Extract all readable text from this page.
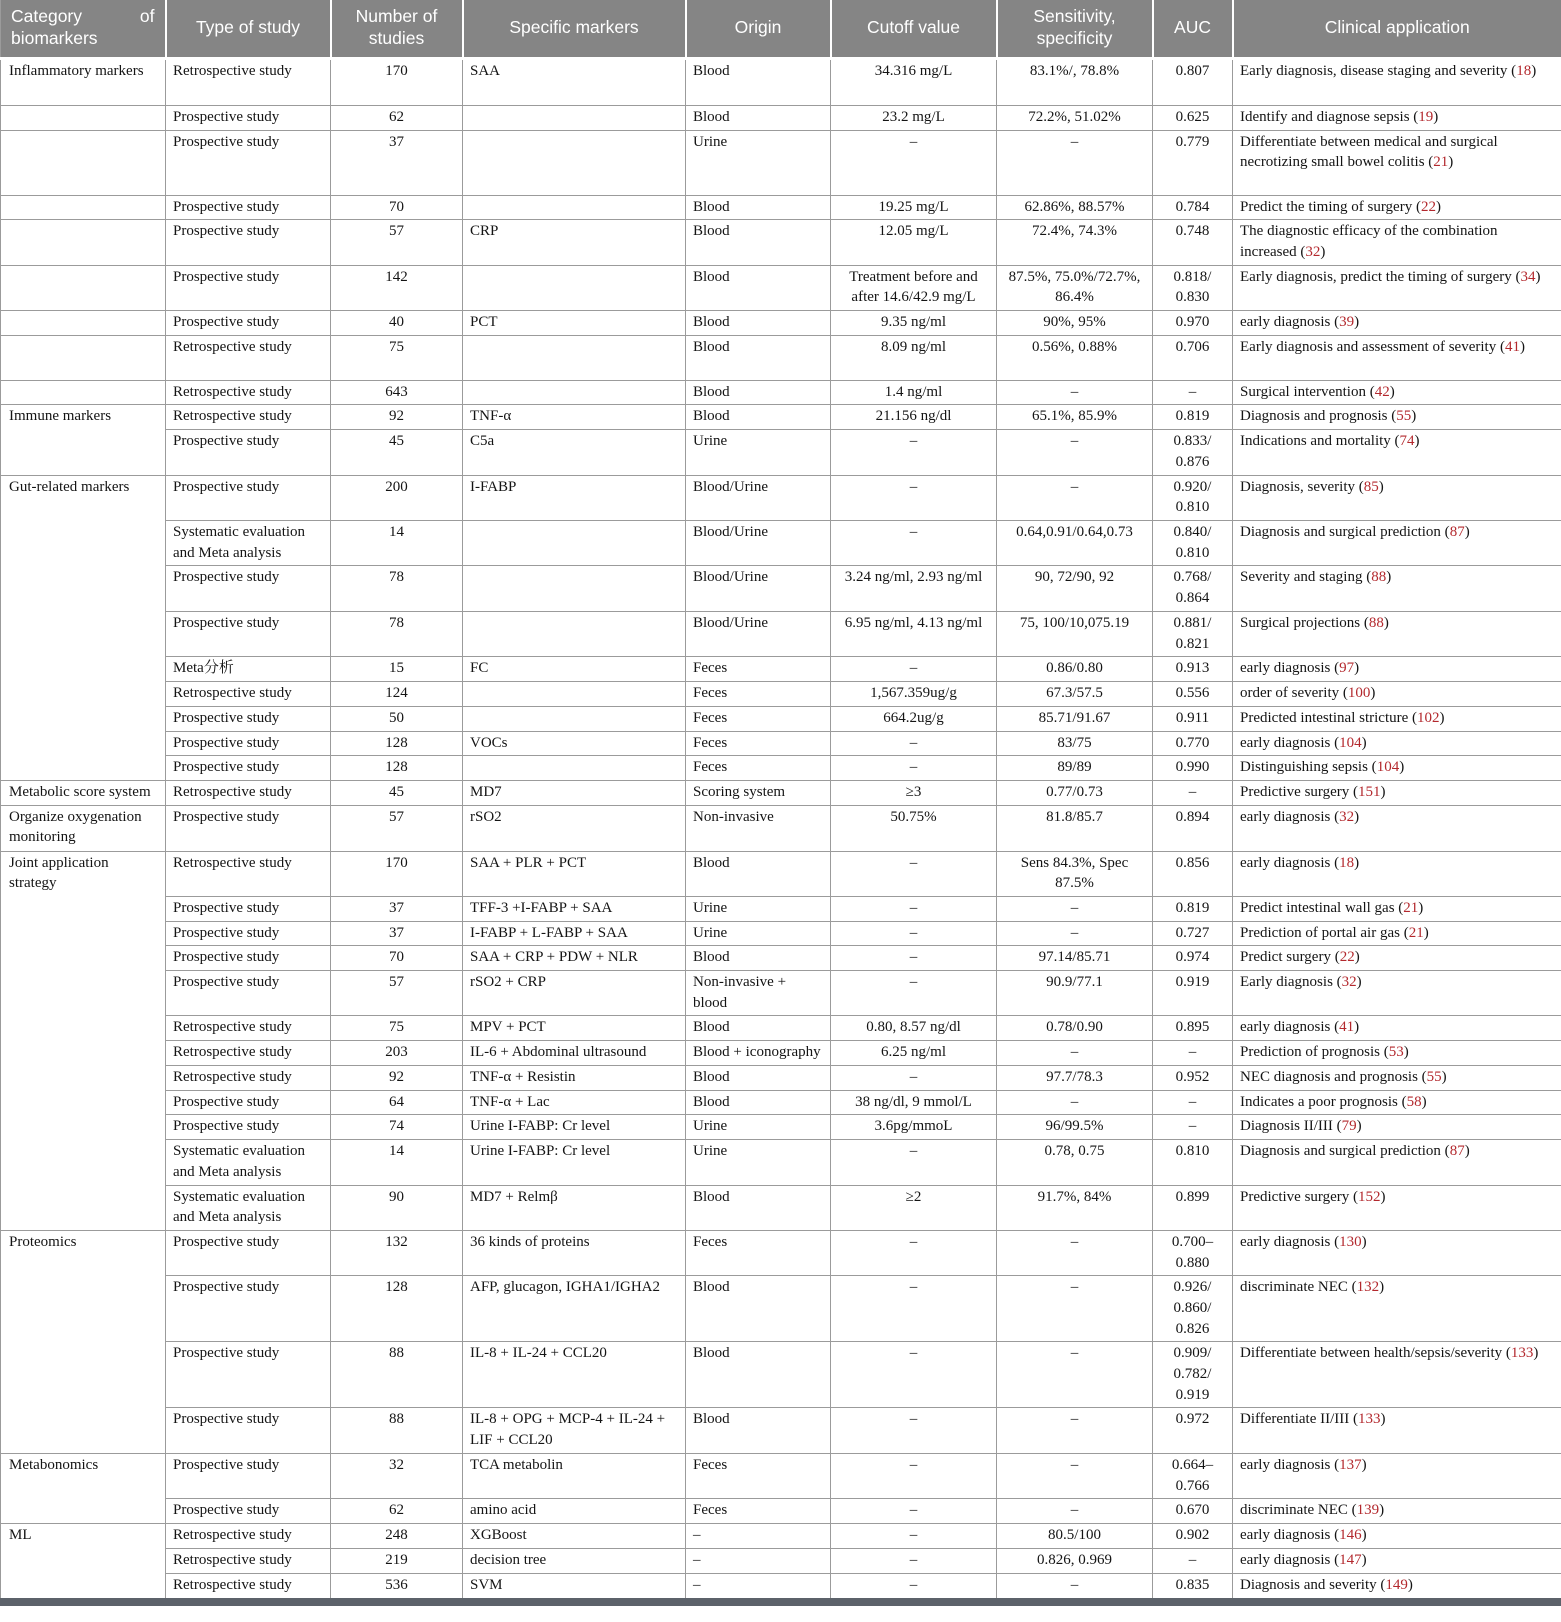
Category of biomarkers	Type of study	Number of studies	Specific markers	Origin	Cutoff value	Sensitivity, specificity	AUC	Clinical application
Inflammatory markers	Retrospective study	170	SAA	Blood	34.316 mg/L	83.1%/, 78.8%	0.807	Early diagnosis, disease staging and severity (18)
	Prospective study	62		Blood	23.2 mg/L	72.2%, 51.02%	0.625	Identify and diagnose sepsis (19)
	Prospective study	37		Urine	–	–	0.779	Differentiate between medical and surgical necrotizing small bowel colitis (21)
	Prospective study	70		Blood	19.25 mg/L	62.86%, 88.57%	0.784	Predict the timing of surgery (22)
	Prospective study	57	CRP	Blood	12.05 mg/L	72.4%, 74.3%	0.748	The diagnostic efficacy of the combination increased (32)
	Prospective study	142		Blood	Treatment before and after 14.6/42.9 mg/L	87.5%, 75.0%/72.7%, 86.4%	0.818/ 0.830	Early diagnosis, predict the timing of surgery (34)
	Prospective study	40	PCT	Blood	9.35 ng/ml	90%, 95%	0.970	early diagnosis (39)
	Retrospective study	75		Blood	8.09 ng/ml	0.56%, 0.88%	0.706	Early diagnosis and assessment of severity (41)
	Retrospective study	643		Blood	1.4 ng/ml	–	–	Surgical intervention (42)
Immune markers	Retrospective study	92	TNF-α	Blood	21.156 ng/dl	65.1%, 85.9%	0.819	Diagnosis and prognosis (55)
	Prospective study	45	C5a	Urine	–	–	0.833/ 0.876	Indications and mortality (74)
Gut-related markers	Prospective study	200	I-FABP	Blood/Urine	–	–	0.920/ 0.810	Diagnosis, severity (85)
	Systematic evaluation and Meta analysis	14		Blood/Urine	–	0.64,0.91/0.64,0.73	0.840/ 0.810	Diagnosis and surgical prediction (87)
	Prospective study	78		Blood/Urine	3.24 ng/ml, 2.93 ng/ml	90, 72/90, 92	0.768/ 0.864	Severity and staging (88)
	Prospective study	78		Blood/Urine	6.95 ng/ml, 4.13 ng/ml	75, 100/10,075.19	0.881/ 0.821	Surgical projections (88)
	Meta分析	15	FC	Feces	–	0.86/0.80	0.913	early diagnosis (97)
	Retrospective study	124		Feces	1,567.359ug/g	67.3/57.5	0.556	order of severity (100)
	Prospective study	50		Feces	664.2ug/g	85.71/91.67	0.911	Predicted intestinal stricture (102)
	Prospective study	128	VOCs	Feces	–	83/75	0.770	early diagnosis (104)
	Prospective study	128		Feces	–	89/89	0.990	Distinguishing sepsis (104)
Metabolic score system	Retrospective study	45	MD7	Scoring system	≥3	0.77/0.73	–	Predictive surgery (151)
Organize oxygenation monitoring	Prospective study	57	rSO2	Non-invasive	50.75%	81.8/85.7	0.894	early diagnosis (32)
Joint application strategy	Retrospective study	170	SAA + PLR + PCT	Blood	–	Sens 84.3%, Spec 87.5%	0.856	early diagnosis (18)
	Prospective study	37	TFF-3 +I-FABP + SAA	Urine	–	–	0.819	Predict intestinal wall gas (21)
	Prospective study	37	I-FABP + L-FABP + SAA	Urine	–	–	0.727	Prediction of portal air gas (21)
	Prospective study	70	SAA + CRP + PDW + NLR	Blood	–	97.14/85.71	0.974	Predict surgery (22)
	Prospective study	57	rSO2 + CRP	Non-invasive + blood	–	90.9/77.1	0.919	Early diagnosis (32)
	Retrospective study	75	MPV + PCT	Blood	0.80, 8.57 ng/dl	0.78/0.90	0.895	early diagnosis (41)
	Retrospective study	203	IL-6 + Abdominal ultrasound	Blood + iconography	6.25 ng/ml	–	–	Prediction of prognosis (53)
	Retrospective study	92	TNF-α + Resistin	Blood	–	97.7/78.3	0.952	NEC diagnosis and prognosis (55)
	Prospective study	64	TNF-α + Lac	Blood	38 ng/dl, 9 mmol/L	–	–	Indicates a poor prognosis (58)
	Prospective study	74	Urine I-FABP: Cr level	Urine	3.6pg/mmoL	96/99.5%	–	Diagnosis II/III (79)
	Systematic evaluation and Meta analysis	14	Urine I-FABP: Cr level	Urine	–	0.78, 0.75	0.810	Diagnosis and surgical prediction (87)
	Systematic evaluation and Meta analysis	90	MD7 + Relmβ	Blood	≥2	91.7%, 84%	0.899	Predictive surgery (152)
Proteomics	Prospective study	132	36 kinds of proteins	Feces	–	–	0.700– 0.880	early diagnosis (130)
	Prospective study	128	AFP, glucagon, IGHA1/IGHA2	Blood	–	–	0.926/ 0.860/ 0.826	discriminate NEC (132)
	Prospective study	88	IL-8 + IL-24 + CCL20	Blood	–	–	0.909/ 0.782/ 0.919	Differentiate between health/sepsis/severity (133)
	Prospective study	88	IL-8 + OPG + MCP-4 + IL-24 + LIF + CCL20	Blood	–	–	0.972	Differentiate II/III (133)
Metabonomics	Prospective study	32	TCA metabolin	Feces	–	–	0.664– 0.766	early diagnosis (137)
	Prospective study	62	amino acid	Feces	–	–	0.670	discriminate NEC (139)
ML	Retrospective study	248	XGBoost	–	–	80.5/100	0.902	early diagnosis (146)
	Retrospective study	219	decision tree	–	–	0.826, 0.969	–	early diagnosis (147)
	Retrospective study	536	SVM	–	–	–	0.835	Diagnosis and severity (149)
